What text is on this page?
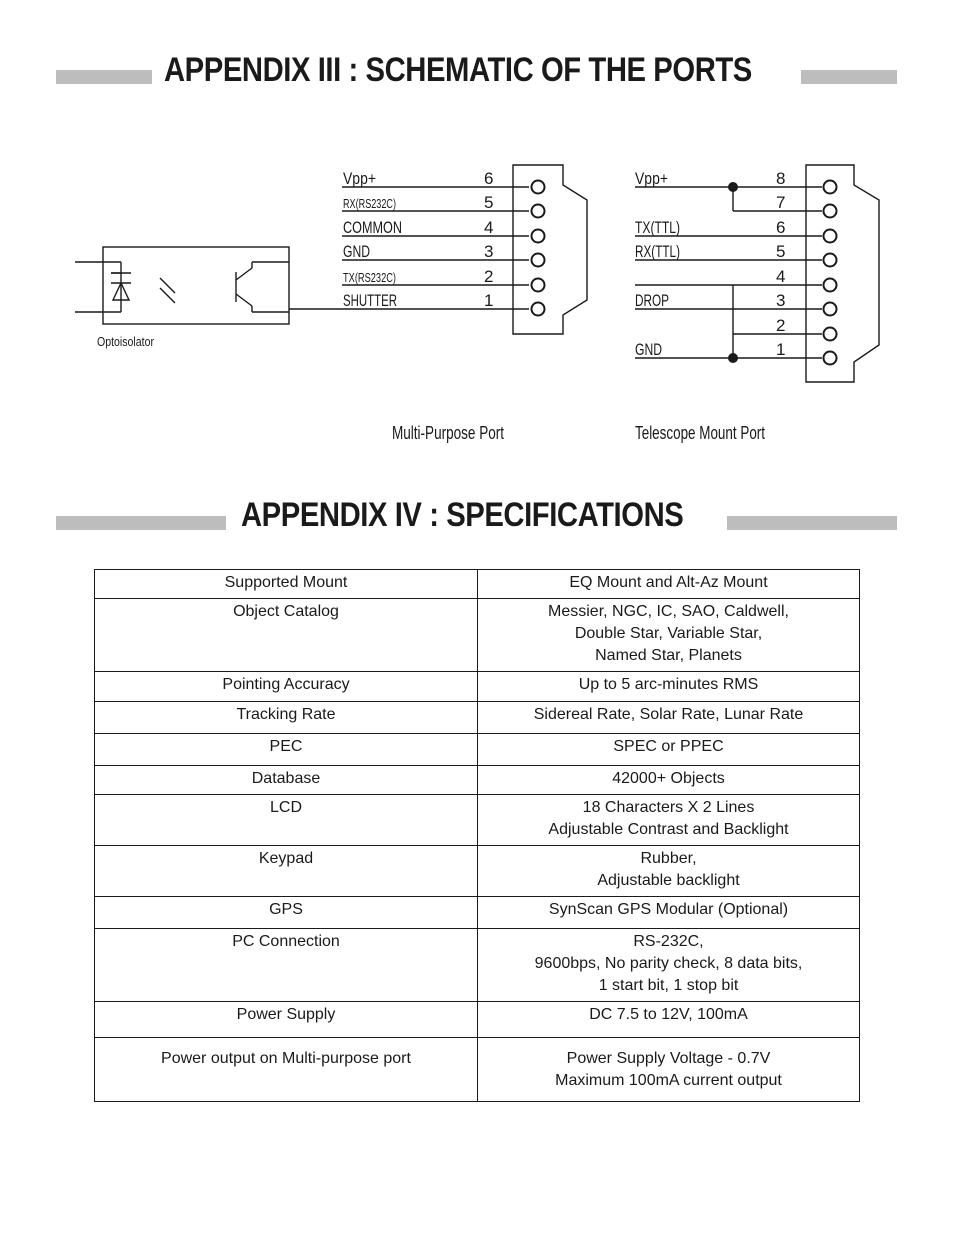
APPENDIX III : SCHEMATIC OF THE PORTS
Vpp+
RX(RS232C)
COMMON
GND
TX(RS232C)
SHUTTER
6
5
4
3
2
1
Optoisolator
Multi-Purpose Port
Vpp+
TX(TTL)
RX(TTL)
DROP
GND
8
7
6
5
4
3
2
1
Telescope Mount Port
APPENDIX IV : SPECIFICATIONS
Supported Mount	EQ Mount and Alt-Az Mount

Object Catalog	Messier, NGC, IC, SAO, Caldwell,
Double Star, Variable Star,
Named Star, Planets

Pointing Accuracy	Up to 5 arc-minutes RMS

Tracking Rate	Sidereal Rate, Solar Rate, Lunar Rate

PEC	SPEC or PPEC

Database	42000+ Objects

LCD	18 Characters X 2 Lines
Adjustable Contrast and Backlight

Keypad	Rubber,
Adjustable backlight

GPS	SynScan GPS Modular (Optional)

PC Connection	RS-232C,
9600bps, No parity check, 8 data bits,
1 start bit, 1 stop bit

Power Supply	DC 7.5 to 12V, 100mA

Power output on Multi-purpose port	Power Supply Voltage - 0.7V
Maximum 100mA current output
